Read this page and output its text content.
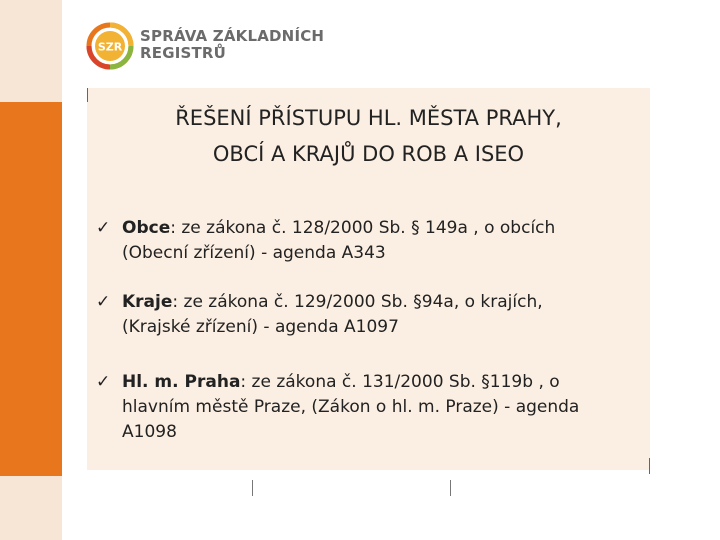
SZR
SPRÁVA ZÁKLADNÍCH
REGISTRŮ
ŘEŠENÍ PŘÍSTUPU HL. MĚSTA PRAHY,
OBCÍ A KRAJŮ DO ROB A ISEO
✓ Obce: ze zákona č. 128/2000 Sb. § 149a , o obcích (Obecní zřízení) - agenda A343
✓ Kraje: ze zákona č. 129/2000 Sb. §94a, o krajích, (Krajské zřízení) - agenda A1097
✓ Hl. m. Praha: ze zákona č. 131/2000 Sb. §119b , o hlavním městě Praze, (Zákon o hl. m. Praze) - agenda A1098
